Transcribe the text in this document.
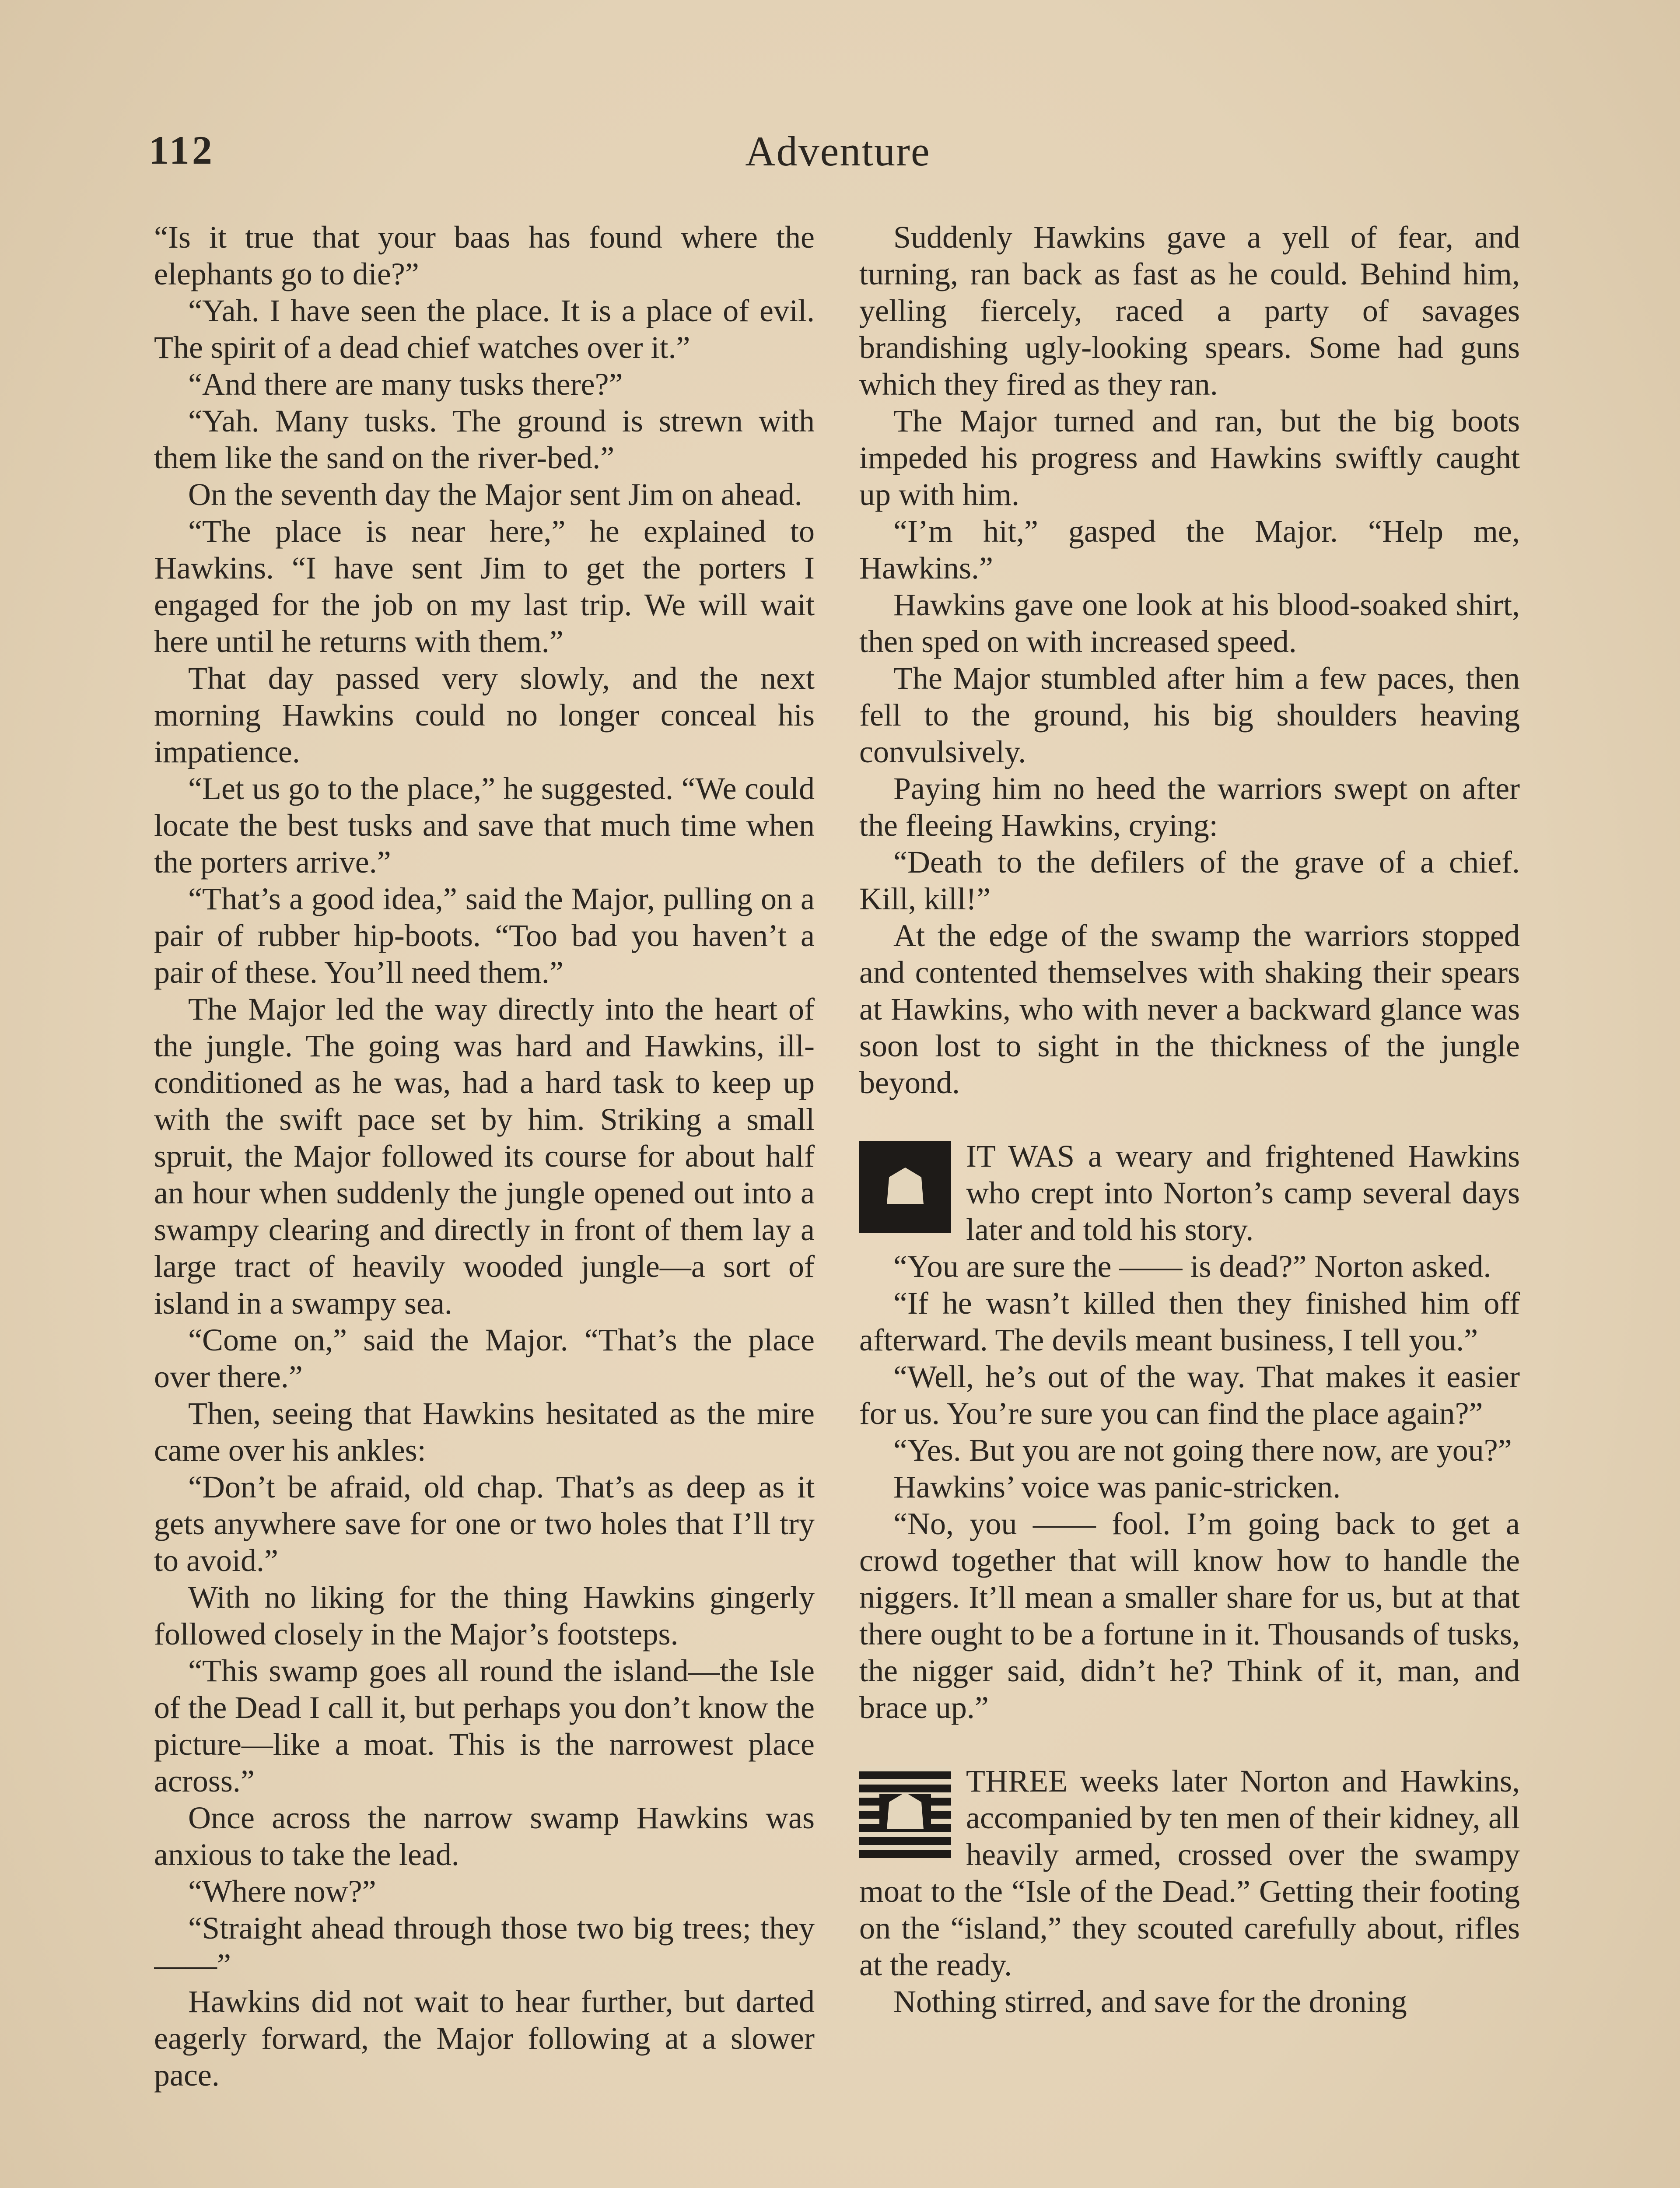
112	Adventure

“Is it true that your baas has found where the elephants go to die?”

“Yah. I have seen the place. It is a place of evil. The spirit of a dead chief watches over it.”

“And there are many tusks there?”

“Yah. Many tusks. The ground is strewn with them like the sand on the river-bed.”

On the seventh day the Major sent Jim on ahead.

“The place is near here,” he explained to Hawkins. “I have sent Jim to get the porters I engaged for the job on my last trip. We will wait here until he returns with them.”

That day passed very slowly, and the next morning Hawkins could no longer conceal his impatience.

“Let us go to the place,” he suggested. “We could locate the best tusks and save that much time when the porters arrive.”

“That’s a good idea,” said the Major, pulling on a pair of rubber hip-boots. “Too bad you haven’t a pair of these. You’ll need them.”

The Major led the way directly into the heart of the jungle. The going was hard and Hawkins, ill-conditioned as he was, had a hard task to keep up with the swift pace set by him. Striking a small spruit, the Major followed its course for about half an hour when suddenly the jungle opened out into a swampy clearing and directly in front of them lay a large tract of heavily wooded jungle—a sort of island in a swampy sea.

“Come on,” said the Major. “That’s the place over there.”

Then, seeing that Hawkins hesitated as the mire came over his ankles:

“Don’t be afraid, old chap. That’s as deep as it gets anywhere save for one or two holes that I’ll try to avoid.”

With no liking for the thing Hawkins gingerly followed closely in the Major’s footsteps.

“This swamp goes all round the island—the Isle of the Dead I call it, but perhaps you don’t know the picture—like a moat. This is the narrowest place across.”

Once across the narrow swamp Hawkins was anxious to take the lead.

“Where now?”

“Straight ahead through those two big trees; they——”

Hawkins did not wait to hear further, but darted eagerly forward, the Major following at a slower pace.

Suddenly Hawkins gave a yell of fear, and turning, ran back as fast as he could. Behind him, yelling fiercely, raced a party of savages brandishing ugly-looking spears. Some had guns which they fired as they ran.

The Major turned and ran, but the big boots impeded his progress and Hawkins swiftly caught up with him.

“I’m hit,” gasped the Major. “Help me, Hawkins.”

Hawkins gave one look at his blood-soaked shirt, then sped on with increased speed.

The Major stumbled after him a few paces, then fell to the ground, his big shoulders heaving convulsively.

Paying him no heed the warriors swept on after the fleeing Hawkins, crying:

“Death to the defilers of the grave of a chief. Kill, kill!”

At the edge of the swamp the warriors stopped and contented themselves with shaking their spears at Hawkins, who with never a backward glance was soon lost to sight in the thickness of the jungle beyond.

☗

IT WAS a weary and frightened Hawkins who crept into Norton’s camp several days later and told his story.

“You are sure the —— is dead?” Norton asked.

“If he wasn’t killed then they finished him off afterward. The devils meant business, I tell you.”

“Well, he’s out of the way. That makes it easier for us. You’re sure you can find the place again?”

“Yes. But you are not going there now, are you?”

Hawkins’ voice was panic-stricken.

“No, you —— fool. I’m going back to get a crowd together that will know how to handle the niggers. It’ll mean a smaller share for us, but at that there ought to be a fortune in it. Thousands of tusks, the nigger said, didn’t he? Think of it, man, and brace up.”

☗

THREE weeks later Norton and Hawkins, accompanied by ten men of their kidney, all heavily armed, crossed over the swampy moat to the “Isle of the Dead.” Getting their footing on the “island,” they scouted carefully about, rifles at the ready.

Nothing stirred, and save for the droning
